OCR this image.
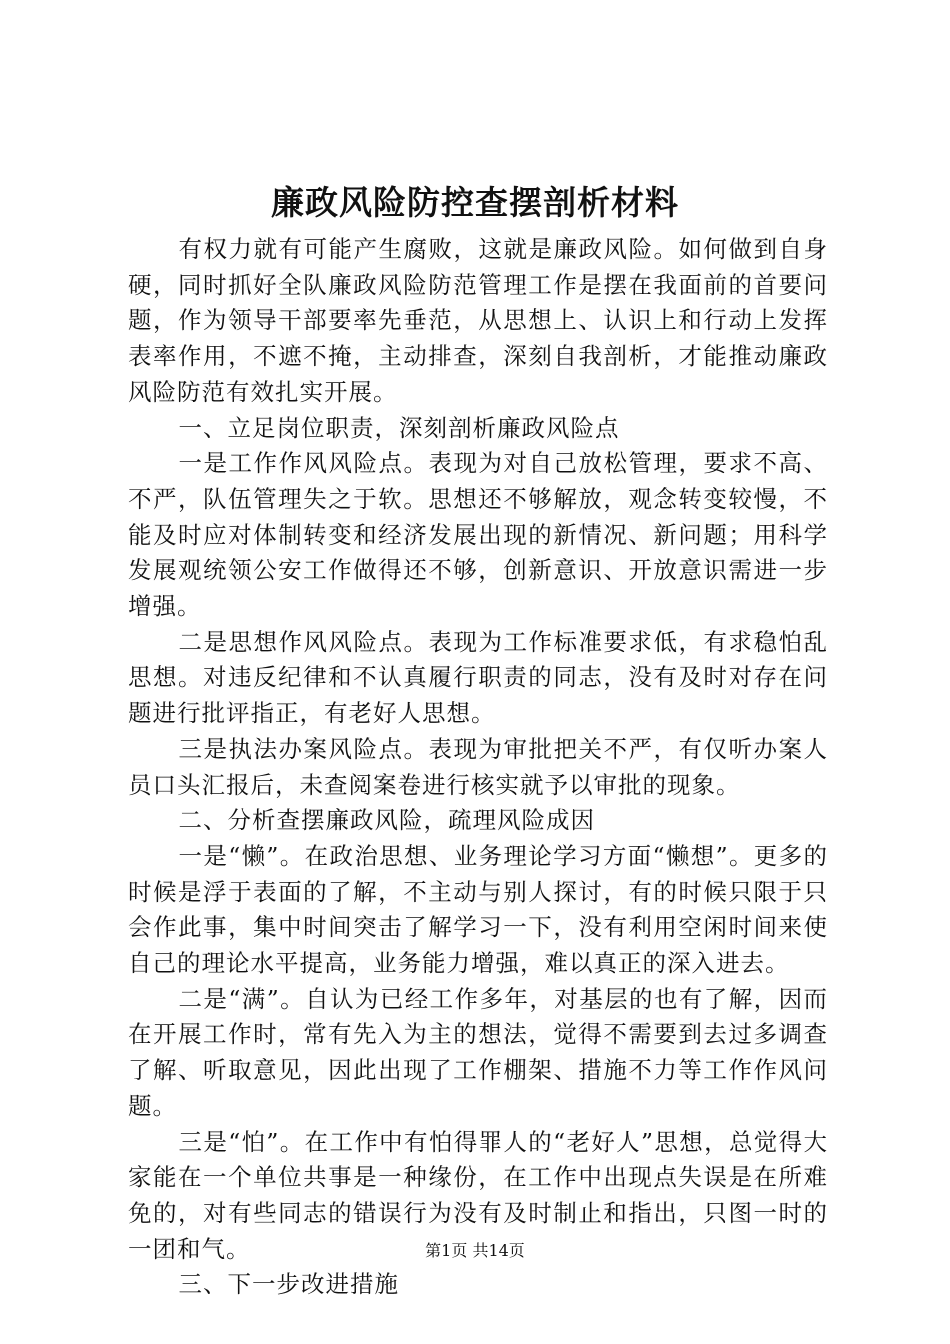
廉政风险防控查摆剖析材料

有权力就有可能产生腐败，这就是廉政风险。如何做到自身硬，同时抓好全队廉政风险防范管理工作是摆在我面前的首要问题，作为领导干部要率先垂范，从思想上、认识上和行动上发挥表率作用，不遮不掩，主动排查，深刻自我剖析，才能推动廉政风险防范有效扎实开展。

一、立足岗位职责，深刻剖析廉政风险点

一是工作作风风险点。表现为对自己放松管理，要求不高、不严，队伍管理失之于软。思想还不够解放，观念转变较慢，不能及时应对体制转变和经济发展出现的新情况、新问题；用科学发展观统领公安工作做得还不够，创新意识、开放意识需进一步增强。

二是思想作风风险点。表现为工作标准要求低，有求稳怕乱思想。对违反纪律和不认真履行职责的同志，没有及时对存在问题进行批评指正，有老好人思想。

三是执法办案风险点。表现为审批把关不严，有仅听办案人员口头汇报后，未查阅案卷进行核实就予以审批的现象。

二、分析查摆廉政风险，疏理风险成因

一是“懒”。在政治思想、业务理论学习方面“懒想”。更多的时候是浮于表面的了解，不主动与别人探讨，有的时候只限于只会作此事，集中时间突击了解学习一下，没有利用空闲时间来使自己的理论水平提高，业务能力增强，难以真正的深入进去。

二是“满”。自认为已经工作多年，对基层的也有了解，因而在开展工作时，常有先入为主的想法，觉得不需要到去过多调查了解、听取意见，因此出现了工作棚架、措施不力等工作作风问题。

三是“怕”。在工作中有怕得罪人的“老好人”思想，总觉得大家能在一个单位共事是一种缘份，在工作中出现点失误是在所难免的，对有些同志的错误行为没有及时制止和指出，只图一时的一团和气。

三、下一步改进措施

第1页 共14页
